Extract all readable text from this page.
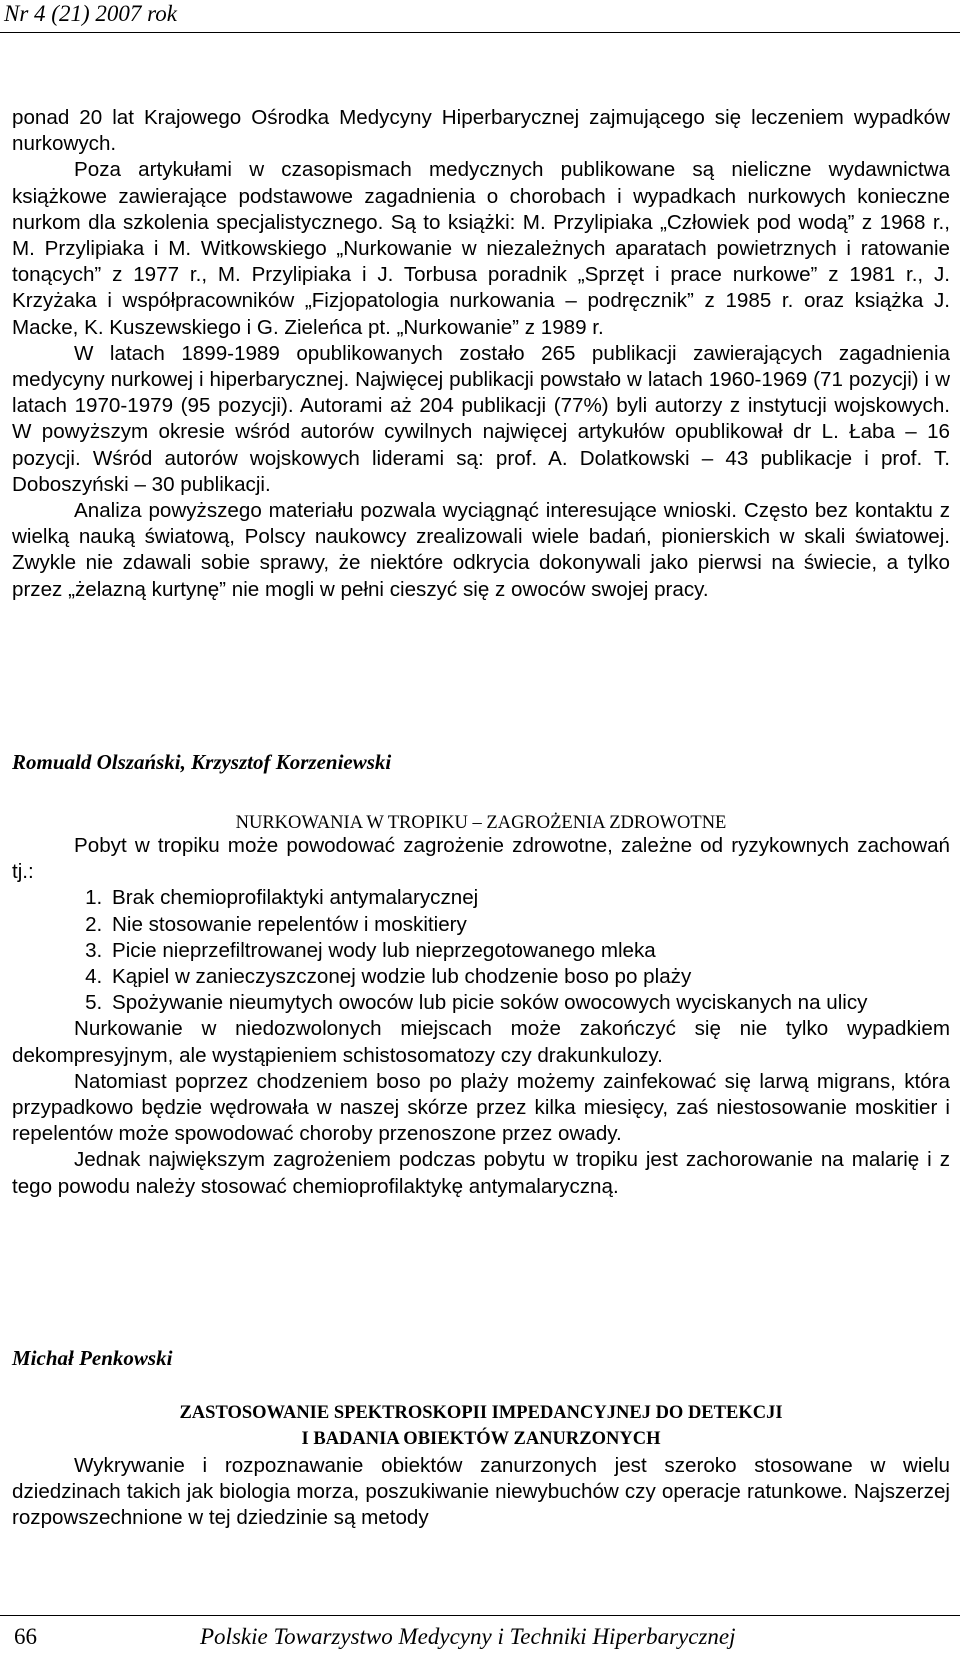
Nr 4 (21) 2007 rok

ponad 20 lat Krajowego Ośrodka Medycyny Hiperbarycznej zajmującego się leczeniem wypadków nurkowych.

Poza artykułami w czasopismach medycznych publikowane są nieliczne wydawnictwa książkowe zawierające podstawowe zagadnienia o chorobach i wypadkach nurkowych konieczne nurkom dla szkolenia specjalistycznego. Są to książki: M. Przylipiaka „Człowiek pod wodą” z 1968 r., M. Przylipiaka i M. Witkowskiego „Nurkowanie w niezależnych aparatach powietrznych i ratowanie tonących” z 1977 r., M. Przylipiaka i J. Torbusa poradnik „Sprzęt i prace nurkowe” z 1981 r., J. Krzyżaka i współpracowników „Fizjopatologia nurkowania – podręcznik” z 1985 r. oraz książka J. Macke, K. Kuszewskiego i G. Zieleńca pt. „Nurkowanie” z 1989 r.

W latach 1899-1989 opublikowanych zostało 265 publikacji zawierających zagadnienia medycyny nurkowej i hiperbarycznej. Najwięcej publikacji powstało w latach 1960-1969 (71 pozycji) i w latach 1970-1979 (95 pozycji). Autorami aż 204 publikacji (77%) byli autorzy z instytucji wojskowych. W powyższym okresie wśród autorów cywilnych najwięcej artykułów opublikował dr L. Łaba – 16 pozycji. Wśród autorów wojskowych liderami są: prof. A. Dolatkowski – 43 publikacje i prof. T. Doboszyński – 30 publikacji.

Analiza powyższego materiału pozwala wyciągnąć interesujące wnioski. Często bez kontaktu z wielką nauką światową, Polscy naukowcy zrealizowali wiele badań, pionierskich w skali światowej. Zwykle nie zdawali sobie sprawy, że niektóre odkrycia dokonywali jako pierwsi na świecie, a tylko przez „żelazną kurtynę” nie mogli w pełni cieszyć się z owoców swojej pracy.

Romuald Olszański, Krzysztof Korzeniewski
NURKOWANIA W TROPIKU – ZAGROŻENIA ZDROWOTNE

Pobyt w tropiku może powodować zagrożenie zdrowotne, zależne od ryzykownych zachowań tj.:

1. Brak chemioprofilaktyki antymalarycznej
2. Nie stosowanie repelentów i moskitiery
3. Picie nieprzefiltrowanej wody lub nieprzegotowanego mleka
4. Kąpiel w zanieczyszczonej wodzie lub chodzenie boso po plaży
5. Spożywanie nieumytych owoców lub picie soków owocowych wyciskanych na ulicy

Nurkowanie w niedozwolonych miejscach może zakończyć się nie tylko wypadkiem dekompresyjnym, ale wystąpieniem schistosomatozy czy drakunkulozy.

Natomiast poprzez chodzeniem boso po plaży możemy zainfekować się larwą migrans, która przypadkowo będzie wędrowała w naszej skórze przez kilka miesięcy, zaś niestosowanie moskitier i repelentów może spowodować choroby przenoszone przez owady.

Jednak największym zagrożeniem podczas pobytu w tropiku jest zachorowanie na malarię i z tego powodu należy stosować chemioprofilaktykę antymalaryczną.

Michał Penkowski
ZASTOSOWANIE SPEKTROSKOPII IMPEDANCYJNEJ DO DETEKCJI
I BADANIA OBIEKTÓW ZANURZONYCH

Wykrywanie i rozpoznawanie obiektów zanurzonych jest szeroko stosowane w wielu dziedzinach takich jak biologia morza, poszukiwanie niewybuchów czy operacje ratunkowe. Najszerzej rozpowszechnione w tej dziedzinie są metody

66	Polskie Towarzystwo Medycyny i Techniki Hiperbarycznej
